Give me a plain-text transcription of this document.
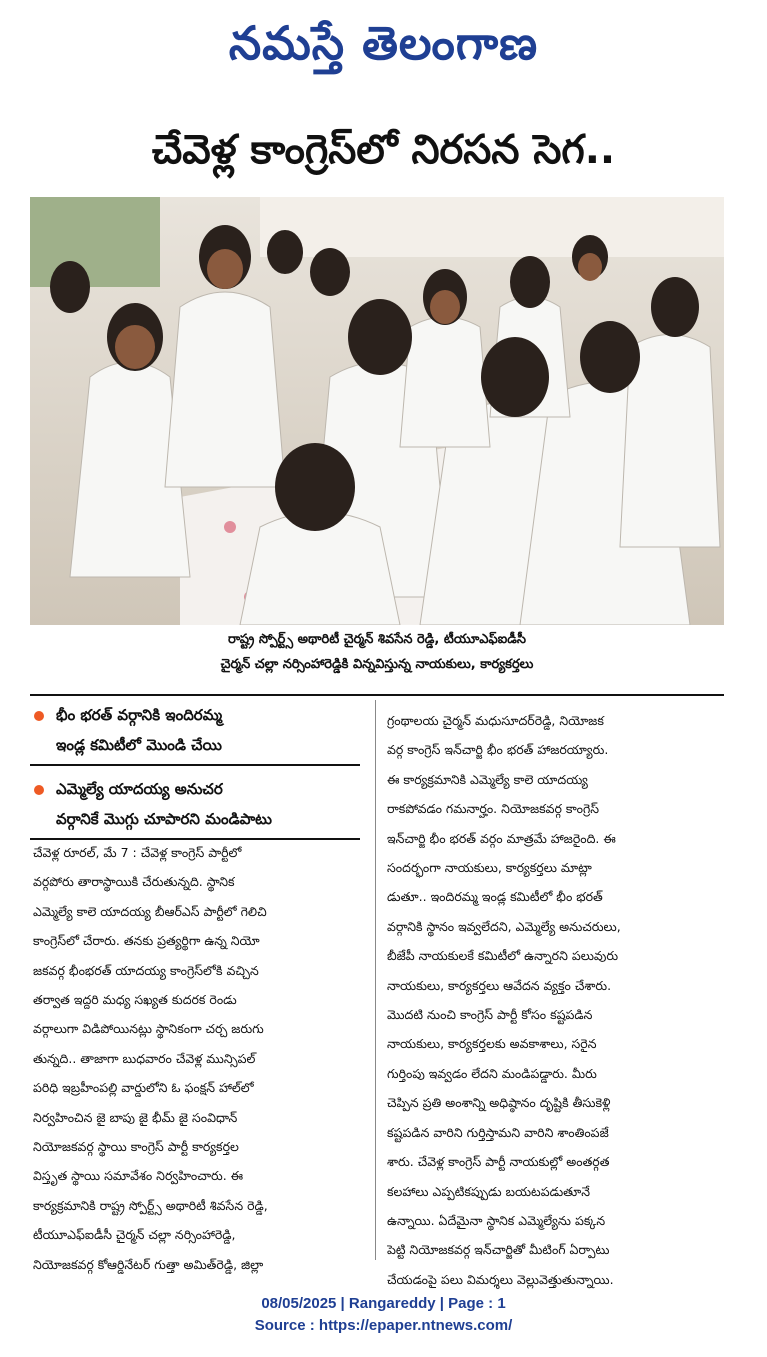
నమస్తే తెలంగాణ
చేవెళ్ల కాంగ్రెస్‌లో నిరసన సెగ..
రాష్ట్ర స్పోర్ట్స్ అథారిటీ చైర్మన్ శివసేన రెడ్డి, టీయూఎఫ్‌ఐడీసీ
చైర్మన్ చల్లా నర్సింహారెడ్డికి విన్నవిస్తున్న నాయకులు, కార్యకర్తలు
భీం భరత్ వర్గానికి ఇందిరమ్మ
ఇండ్ల కమిటీలో మొండి చేయి
ఎమ్మెల్యే యాదయ్య అనుచర
వర్గానికే మొగ్గు చూపారని మండిపాటు
చేవెళ్ల రూరల్, మే 7 : చేవెళ్ల కాంగ్రెస్ పార్టీలో
వర్గపోరు తారాస్థాయికి చేరుతున్నది. స్థానిక
ఎమ్మెల్యే కాలె యాదయ్య బీఆర్ఎస్ పార్టీలో గెలిచి
కాంగ్రెస్‌లో చేరారు. తనకు ప్రత్యర్థిగా ఉన్న నియో
జకవర్గ భీంభరత్ యాదయ్య కాంగ్రెస్‌లోకి వచ్చిన
తర్వాత ఇద్దరి మధ్య సఖ్యత కుదరక రెండు
వర్గాలుగా విడిపోయినట్లు స్థానికంగా చర్చ జరుగు
తున్నది.. తాజాగా బుధవారం చేవెళ్ల మున్సిపల్
పరిధి ఇబ్రహీంపల్లి వార్డులోని ఓ ఫంక్షన్ హాల్‌లో
నిర్వహించిన జై బాపు జై భీమ్ జై సంవిధాన్
నియోజకవర్గ స్థాయి కాంగ్రెస్ పార్టీ కార్యకర్తల
విస్తృత స్థాయి సమావేశం నిర్వహించారు. ఈ
కార్యక్రమానికి రాష్ట్ర స్పోర్ట్స్ అథారిటీ శివసేన రెడ్డి,
టీయూఎఫ్‌ఐడీసీ చైర్మన్ చల్లా నర్సింహారెడ్డి,
నియోజకవర్గ కోఆర్డినేటర్ గుత్తా అమిత్‌రెడ్డి, జిల్లా
గ్రంథాలయ చైర్మన్ మధుసూదర్‌రెడ్డి, నియోజక
వర్గ కాంగ్రెస్ ఇన్‌చార్జి భీం భరత్ హాజరయ్యారు.
ఈ కార్యక్రమానికి ఎమ్మెల్యే కాలె యాదయ్య
రాకపోవడం గమనార్హం. నియోజకవర్గ కాంగ్రెస్
ఇన్‌చార్జి భీం భరత్ వర్గం మాత్రమే హాజరైంది. ఈ
సందర్భంగా నాయకులు, కార్యకర్తలు మాట్లా
డుతూ.. ఇందిరమ్మ ఇండ్ల కమిటీలో భీం భరత్
వర్గానికి స్థానం ఇవ్వలేదని, ఎమ్మెల్యే అనుచరులు,
బీజేపీ నాయకులకే కమిటీలో ఉన్నారని పలువురు
నాయకులు, కార్యకర్తలు ఆవేదన వ్యక్తం చేశారు.
మొదటి నుంచి కాంగ్రెస్ పార్టీ కోసం కష్టపడిన
నాయకులు, కార్యకర్తలకు అవకాశాలు, సరైన
గుర్తింపు ఇవ్వడం లేదని మండిపడ్డారు. మీరు
చెప్పిన ప్రతి అంశాన్ని అధిష్ఠానం దృష్టికి తీసుకెళ్లి
కష్టపడిన వారిని గుర్తిస్తామని వారిని శాంతింపజే
శారు. చేవెళ్ల కాంగ్రెస్ పార్టీ నాయకుల్లో అంతర్గత
కలహాలు ఎప్పటికప్పుడు బయటపడుతూనే
ఉన్నాయి. ఏదేమైనా స్థానిక ఎమ్మెల్యేను పక్కన
పెట్టి నియోజకవర్గ ఇన్‌చార్జితో మీటింగ్ ఏర్పాటు
చేయడంపై పలు విమర్శలు వెల్లువెత్తుతున్నాయి.
08/05/2025 | Rangareddy | Page : 1
Source : https://epaper.ntnews.com/
